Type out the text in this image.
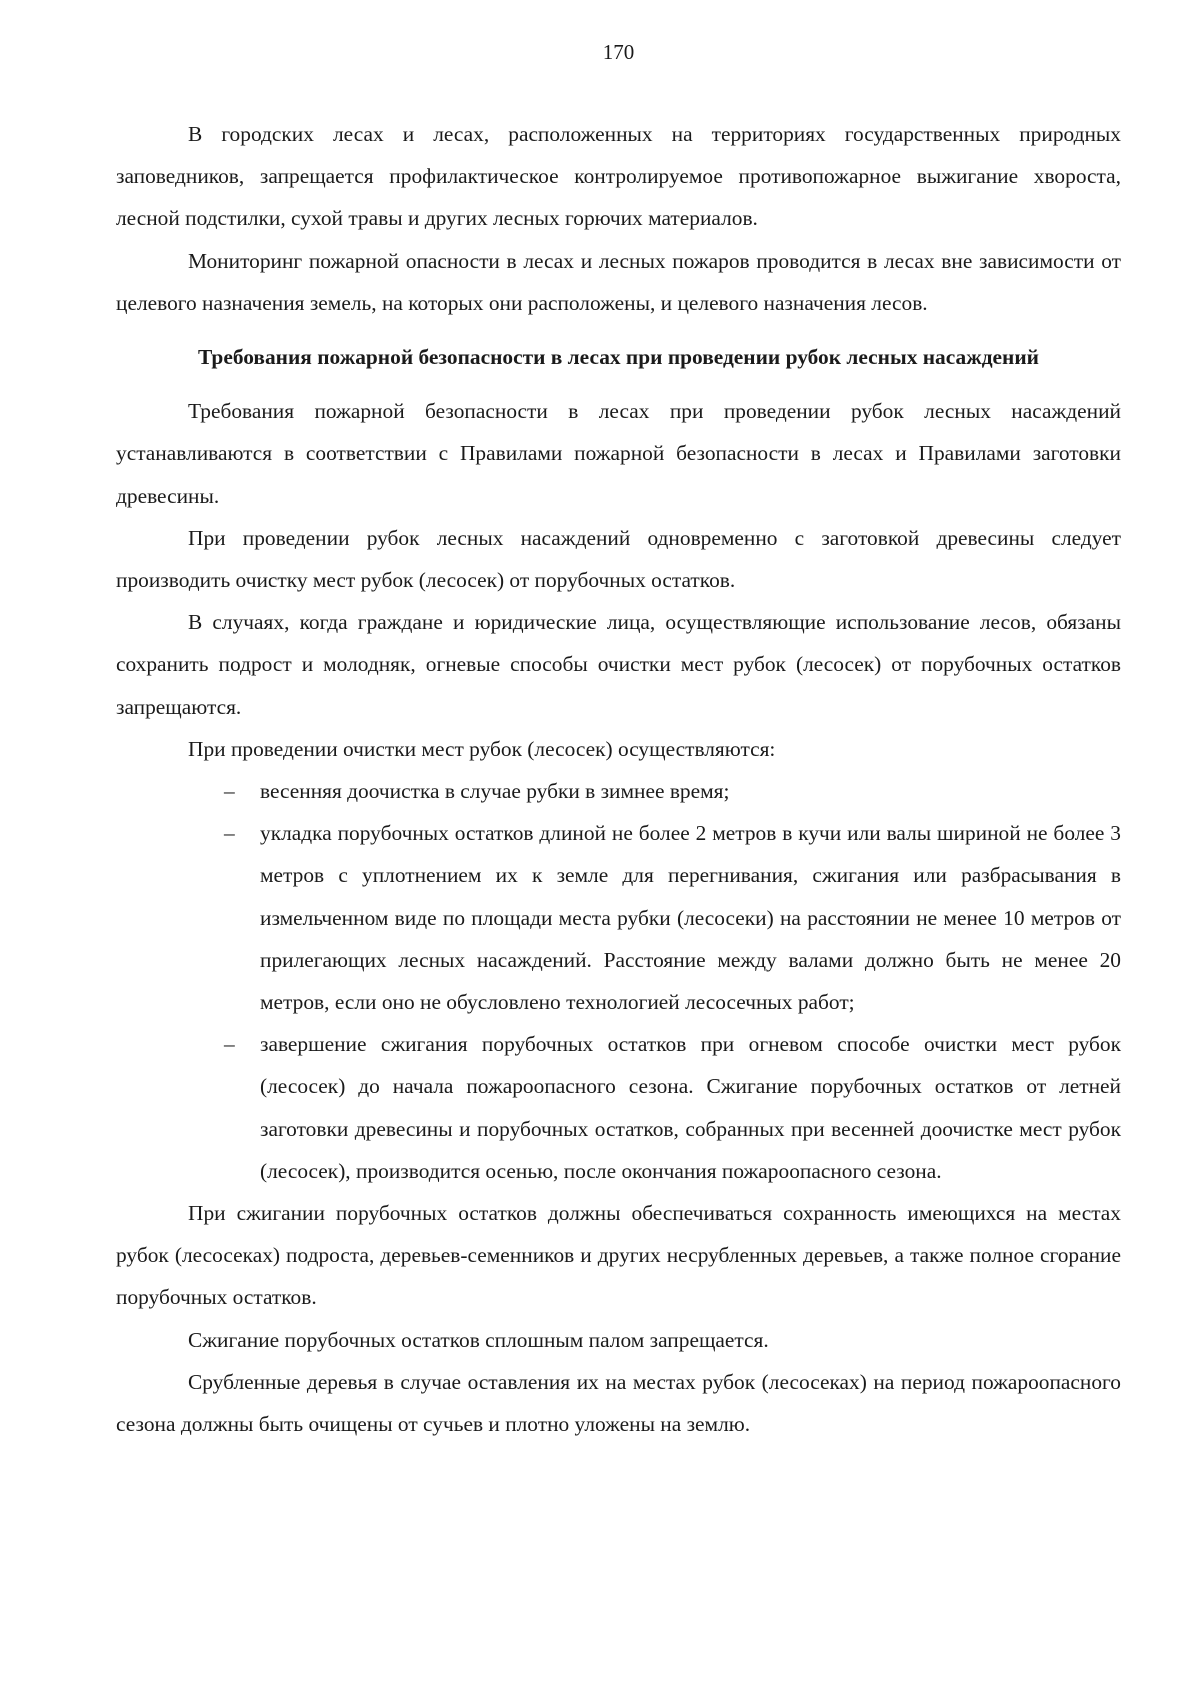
170

В городских лесах и лесах, расположенных на территориях государственных природных заповедников, запрещается профилактическое контролируемое противопожарное выжигание хвороста, лесной подстилки, сухой травы и других лесных горючих материалов.

Мониторинг пожарной опасности в лесах и лесных пожаров проводится в лесах вне зависимости от целевого назначения земель, на которых они расположены, и целевого назначения лесов.

Требования пожарной безопасности в лесах при проведении рубок лесных насаждений

Требования пожарной безопасности в лесах при проведении рубок лесных насаждений устанавливаются в соответствии с Правилами пожарной безопасности в лесах и Правилами заготовки древесины.

При проведении рубок лесных насаждений одновременно с заготовкой древесины следует производить очистку мест рубок (лесосек) от порубочных остатков.

В случаях, когда граждане и юридические лица, осуществляющие использование лесов, обязаны сохранить подрост и молодняк, огневые способы очистки мест рубок (лесосек) от порубочных остатков запрещаются.

При проведении очистки мест рубок (лесосек) осуществляются:

– весенняя доочистка в случае рубки в зимнее время;
– укладка порубочных остатков длиной не более 2 метров в кучи или валы шириной не более 3 метров с уплотнением их к земле для перегнивания, сжигания или разбрасывания в измельченном виде по площади места рубки (лесосеки) на расстоянии не менее 10 метров от прилегающих лесных насаждений. Расстояние между валами должно быть не менее 20 метров, если оно не обусловлено технологией лесосечных работ;
– завершение сжигания порубочных остатков при огневом способе очистки мест рубок (лесосек) до начала пожароопасного сезона. Сжигание порубочных остатков от летней заготовки древесины и порубочных остатков, собранных при весенней доочистке мест рубок (лесосек), производится осенью, после окончания пожароопасного сезона.

При сжигании порубочных остатков должны обеспечиваться сохранность имеющихся на местах рубок (лесосеках) подроста, деревьев-семенников и других несрубленных деревьев, а также полное сгорание порубочных остатков.

Сжигание порубочных остатков сплошным палом запрещается.

Срубленные деревья в случае оставления их на местах рубок (лесосеках) на период пожароопасного сезона должны быть очищены от сучьев и плотно уложены на землю.
